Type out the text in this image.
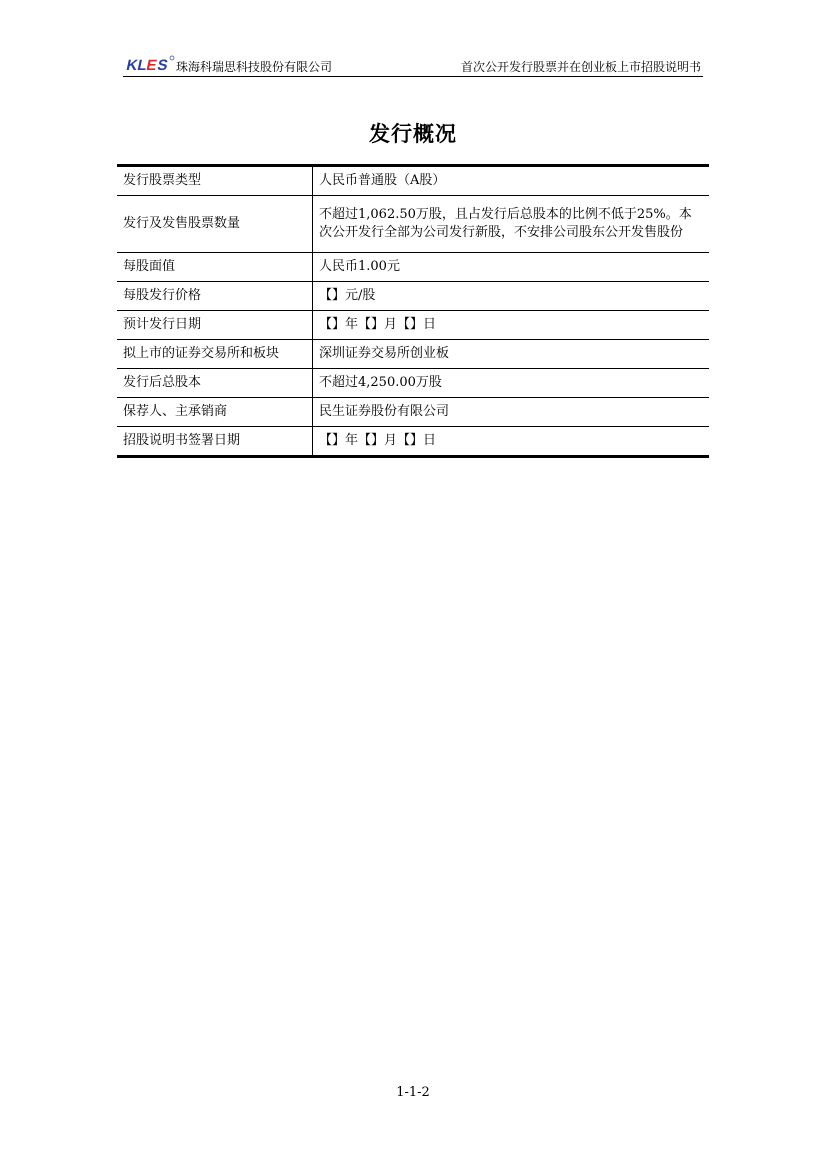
K
L
E
S 珠海科瑞思科技股份有限公司	首次公开发行股票并在创业板上市招股说明书
发行概况
发行股票类型	人民币普通股（A股）
发行及发售股票数量	不超过1,062.50万股，且占发行后总股本的比例不低于25%。本次公开发行全部为公司发行新股，不安排公司股东公开发售股份
每股面值	人民币1.00元
每股发行价格	【】元/股
预计发行日期	【】年【】月【】日
拟上市的证券交易所和板块	深圳证券交易所创业板
发行后总股本	不超过4,250.00万股
保荐人、主承销商	民生证券股份有限公司
招股说明书签署日期	【】年【】月【】日
1-1-2
